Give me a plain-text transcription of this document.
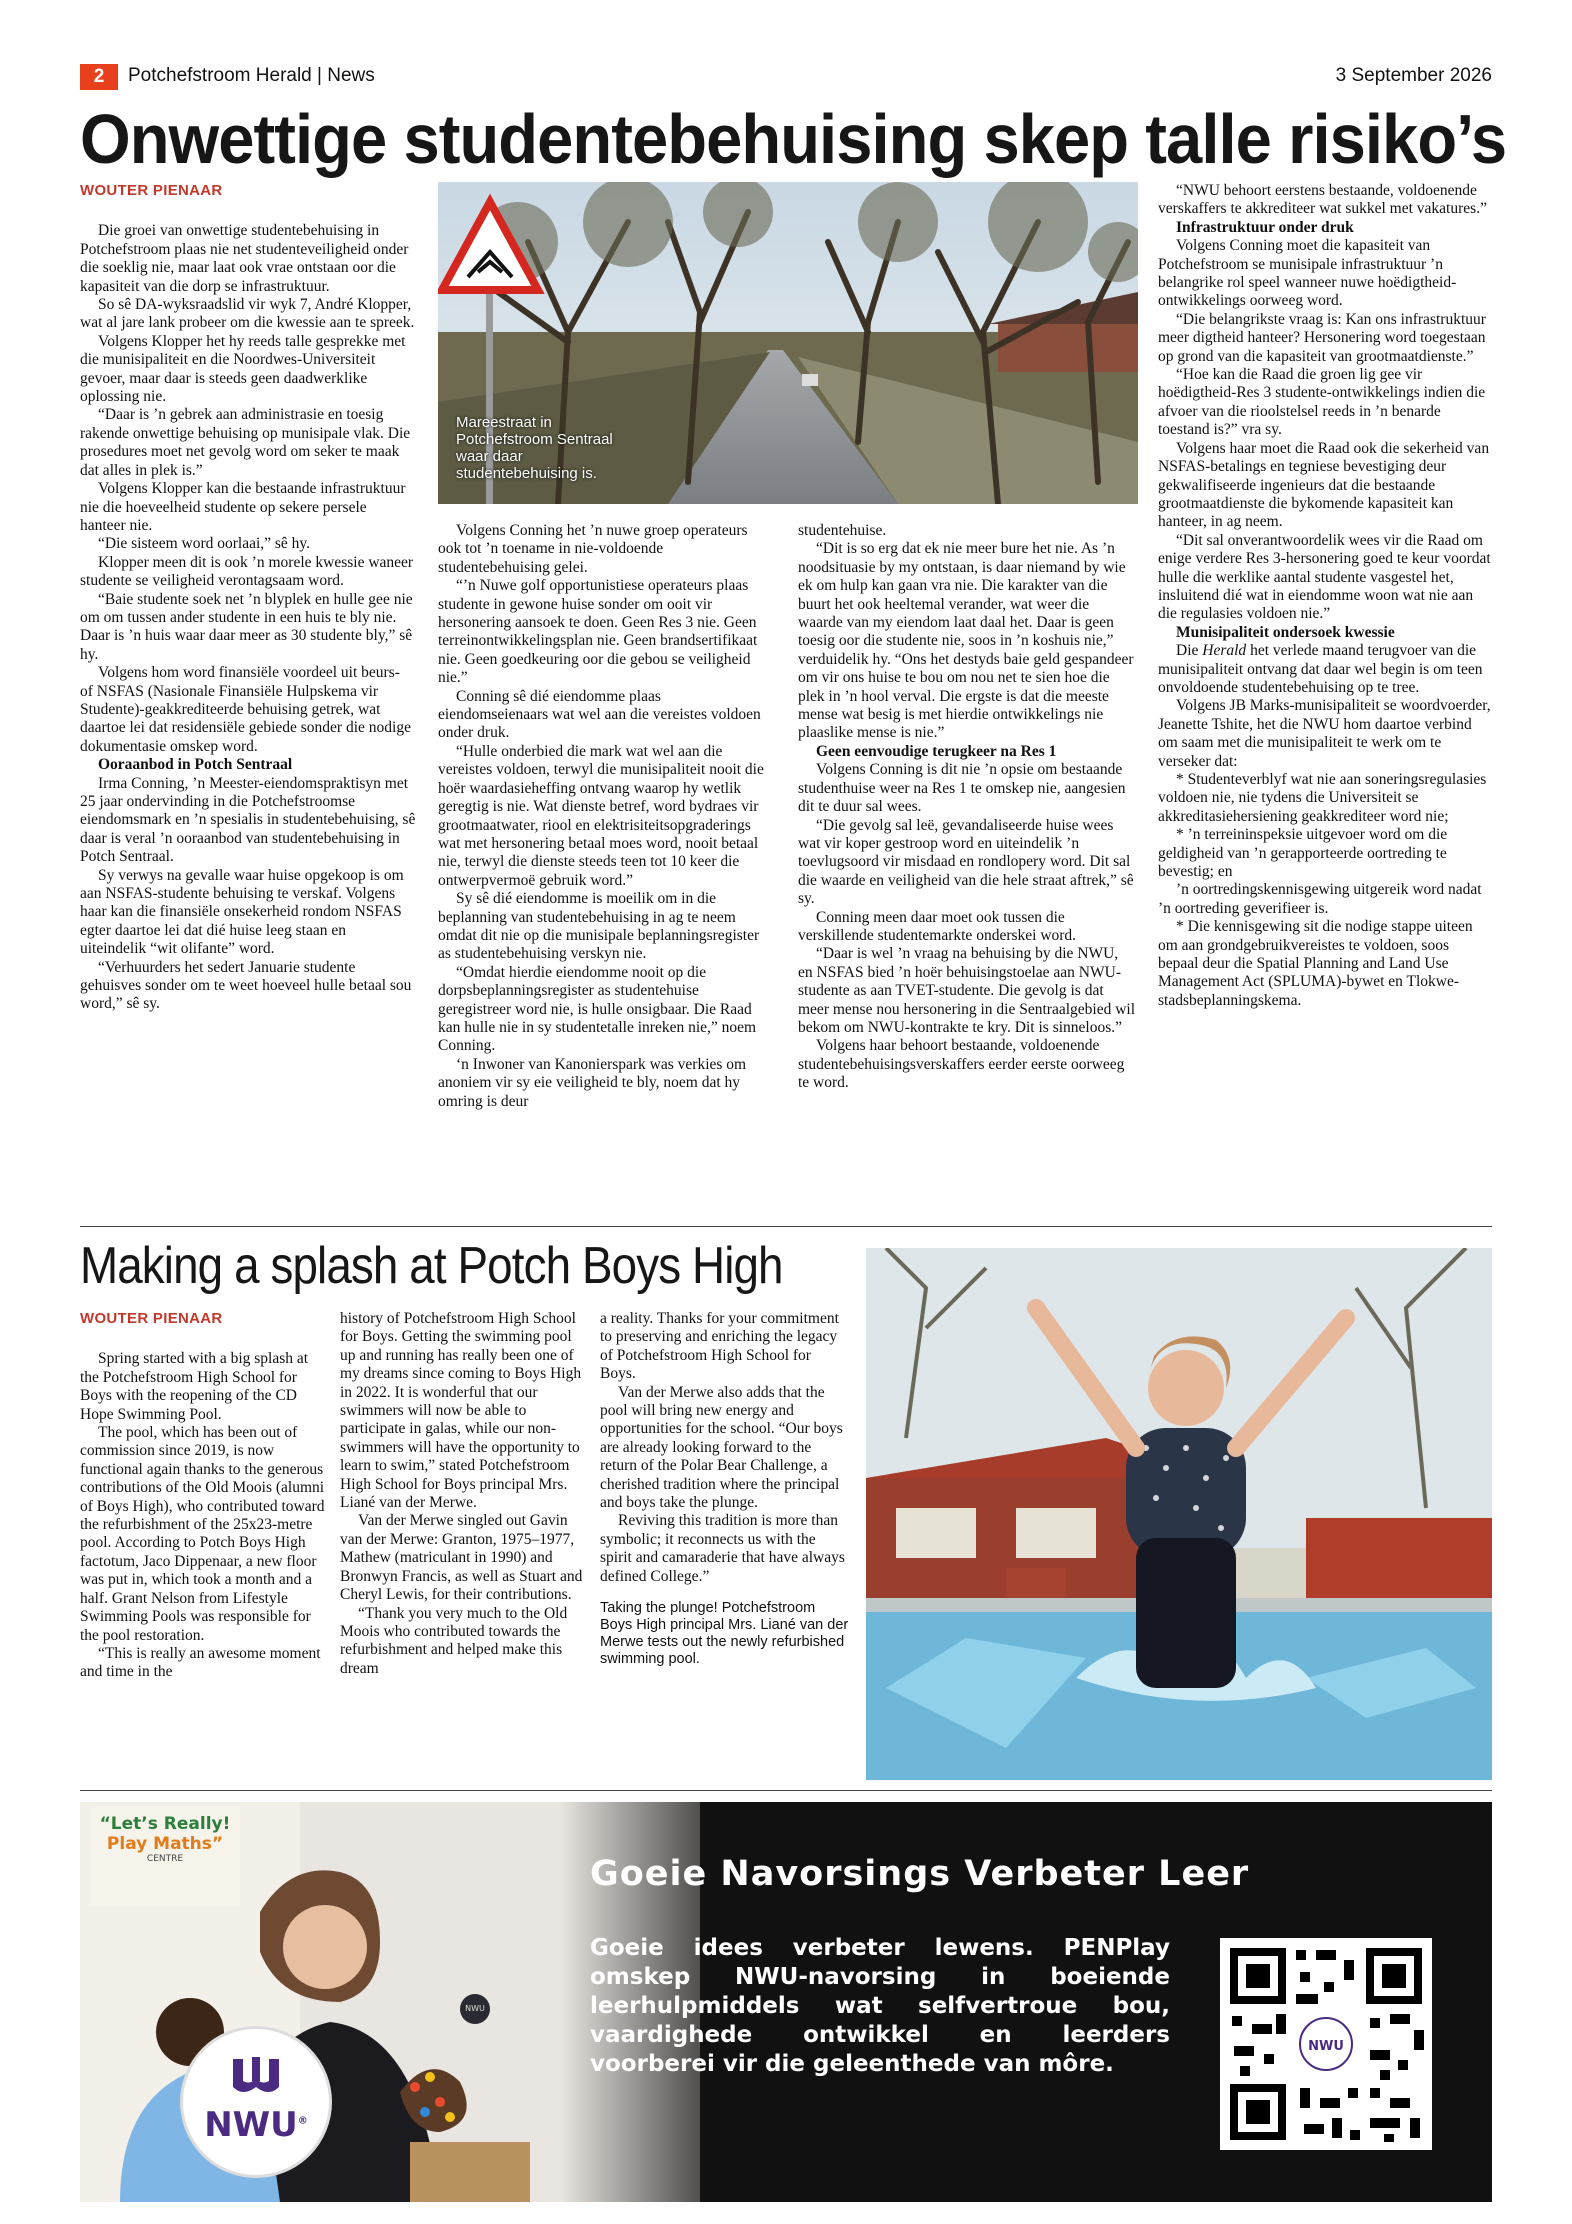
2	Potchefstroom Herald | News	3 September 2026
Onwettige studentebehuising skep talle risiko’s
WOUTER PIENAAR

Die groei van onwettige studentebehuising in Potchefstroom plaas nie net studenteveiligheid onder die soeklig nie, maar laat ook vrae ontstaan oor die kapasiteit van die dorp se infrastruktuur.

So sê DA-wyksraadslid vir wyk 7, André Klopper, wat al jare lank probeer om die kwessie aan te spreek.

Volgens Klopper het hy reeds talle gesprekke met die munisipaliteit en die Noordwes-Universiteit gevoer, maar daar is steeds geen daadwerklike oplossing nie.

“Daar is ’n gebrek aan administrasie en toesig rakende onwettige behuising op munisipale vlak. Die prosedures moet net gevolg word om seker te maak dat alles in plek is.”

Volgens Klopper kan die bestaande infrastruktuur nie die hoeveelheid studente op sekere persele hanteer nie.

“Die sisteem word oorlaai,” sê hy.

Klopper meen dit is ook ’n morele kwessie waneer studente se veiligheid verontagsaam word.

“Baie studente soek net ’n blyplek en hulle gee nie om om tussen ander studente in een huis te bly nie. Daar is ’n huis waar daar meer as 30 studente bly,” sê hy.

Volgens hom word finansiële voordeel uit beurs- of NSFAS (Nasionale Finansiële Hulpskema vir Studente)-geakkrediteerde behuising getrek, wat daartoe lei dat residensiële gebiede sonder die nodige dokumentasie omskep word.

Ooraanbod in Potch Sentraal

Irma Conning, ’n Meester-eiendomspraktisyn met 25 jaar ondervinding in die Potchefstroomse eiendomsmark en ’n spesialis in studentebehuising, sê daar is veral ’n ooraanbod van studentebehuising in Potch Sentraal.

Sy verwys na gevalle waar huise opgekoop is om aan NSFAS-studente behuising te verskaf. Volgens haar kan die finansiële onsekerheid rondom NSFAS egter daartoe lei dat dié huise leeg staan en uiteindelik “wit olifante” word.

“Verhuurders het sedert Januarie studente gehuisves sonder om te weet hoeveel hulle betaal sou word,” sê sy.

Mareestraat in Potchefstroom Sentraal waar daar studentebehuising is.

Volgens Conning het ’n nuwe groep operateurs ook tot ’n toename in nie-voldoende studentebehuising gelei.

“’n Nuwe golf opportunistiese operateurs plaas studente in gewone huise sonder om ooit vir hersonering aansoek te doen. Geen Res 3 nie. Geen terreinontwikkelingsplan nie. Geen brandsertifikaat nie. Geen goedkeuring oor die gebou se veiligheid nie.”

Conning sê dié eiendomme plaas eiendomseienaars wat wel aan die vereistes voldoen onder druk.

“Hulle onderbied die mark wat wel aan die vereistes voldoen, terwyl die munisipaliteit nooit die hoër waardasieheffing ontvang waarop hy wetlik geregtig is nie. Wat dienste betref, word bydraes vir grootmaatwater, riool en elektrisiteitsopgraderings wat met hersonering betaal moes word, nooit betaal nie, terwyl die dienste steeds teen tot 10 keer die ontwerpvermoë gebruik word.”

Sy sê dié eiendomme is moeilik om in die beplanning van studentebehuising in ag te neem omdat dit nie op die munisipale beplanningsregister as studentebehuising verskyn nie.

“Omdat hierdie eiendomme nooit op die dorpsbeplanningsregister as studentehuise geregistreer word nie, is hulle onsigbaar. Die Raad kan hulle nie in sy studentetalle inreken nie,” noem Conning.

‘n Inwoner van Kanonierspark was verkies om anoniem vir sy eie veiligheid te bly, noem dat hy omring is deur

studentehuise.

“Dit is so erg dat ek nie meer bure het nie. As ’n noodsituasie by my ontstaan, is daar niemand by wie ek om hulp kan gaan vra nie. Die karakter van die buurt het ook heeltemal verander, wat weer die waarde van my eiendom laat daal het. Daar is geen toesig oor die studente nie, soos in ’n koshuis nie,” verduidelik hy. “Ons het destyds baie geld gespandeer om vir ons huise te bou om nou net te sien hoe die plek in ’n hool verval. Die ergste is dat die meeste mense wat besig is met hierdie ontwikkelings nie plaaslike mense is nie.”

Geen eenvoudige terugkeer na Res 1

Volgens Conning is dit nie ’n opsie om bestaande studenthuise weer na Res 1 te omskep nie, aangesien dit te duur sal wees.

“Die gevolg sal leë, gevandaliseerde huise wees wat vir koper gestroop word en uiteindelik ’n toevlugsoord vir misdaad en rondlopery word. Dit sal die waarde en veiligheid van die hele straat aftrek,” sê sy.

Conning meen daar moet ook tussen die verskillende studentemarkte onderskei word.

“Daar is wel ’n vraag na behuising by die NWU, en NSFAS bied ’n hoër behuisingstoelae aan NWU-studente as aan TVET-studente. Die gevolg is dat meer mense nou hersonering in die Sentraalgebied wil bekom om NWU-kontrakte te kry. Dit is sinneloos.”

Volgens haar behoort bestaande, voldoenende studentebehuisingsverskaffers eerder eerste oorweeg te word.

“NWU behoort eerstens bestaande, voldoenende verskaffers te akkrediteer wat sukkel met vakatures.”

Infrastruktuur onder druk

Volgens Conning moet die kapasiteit van Potchefstroom se munisipale infrastruktuur ’n belangrike rol speel wanneer nuwe hoëdigtheid-ontwikkelings oorweeg word.

“Die belangrikste vraag is: Kan ons infrastruktuur meer digtheid hanteer? Hersonering word toegestaan op grond van die kapasiteit van grootmaatdienste.”

“Hoe kan die Raad die groen lig gee vir hoëdigtheid-Res 3 studente-ontwikkelings indien die afvoer van die rioolstelsel reeds in ’n benarde toestand is?” vra sy.

Volgens haar moet die Raad ook die sekerheid van NSFAS-betalings en tegniese bevestiging deur gekwalifiseerde ingenieurs dat die bestaande grootmaatdienste die bykomende kapasiteit kan hanteer, in ag neem.

“Dit sal onverantwoordelik wees vir die Raad om enige verdere Res 3-hersonering goed te keur voordat hulle die werklike aantal studente vasgestel het, insluitend dié wat in eiendomme woon wat nie aan die regulasies voldoen nie.”

Munisipaliteit ondersoek kwessie

Die Herald het verlede maand terugvoer van die munisipaliteit ontvang dat daar wel begin is om teen onvoldoende studentebehuising op te tree.

Volgens JB Marks-munisipaliteit se woordvoerder, Jeanette Tshite, het die NWU hom daartoe verbind om saam met die munisipaliteit te werk om te verseker dat:

* Studenteverblyf wat nie aan soneringsregulasies voldoen nie, nie tydens die Universiteit se akkreditasiehersiening geakkrediteer word nie;

* ’n terreininspeksie uitgevoer word om die geldigheid van ’n gerapporteerde oortreding te bevestig; en

’n oortredingskennisgewing uitgereik word nadat ’n oortreding geverifieer is.

* Die kennisgewing sit die nodige stappe uiteen om aan grondgebruikvereistes te voldoen, soos bepaal deur die Spatial Planning and Land Use Management Act (SPLUMA)-bywet en Tlokwe-stadsbeplanningskema.

Making a splash at Potch Boys High
WOUTER PIENAAR

Spring started with a big splash at the Potchefstroom High School for Boys with the reopening of the CD Hope Swimming Pool.

The pool, which has been out of commission since 2019, is now functional again thanks to the generous contributions of the Old Moois (alumni of Boys High), who contributed toward the refurbishment of the 25x23-metre pool. According to Potch Boys High factotum, Jaco Dippenaar, a new floor was put in, which took a month and a half. Grant Nelson from Lifestyle Swimming Pools was responsible for the pool restoration.

“This is really an awesome moment and time in the

history of Potchefstroom High School for Boys. Getting the swimming pool up and running has really been one of my dreams since coming to Boys High in 2022. It is wonderful that our swimmers will now be able to participate in galas, while our non-swimmers will have the opportunity to learn to swim,” stated Potchefstroom High School for Boys principal Mrs. Liané van der Merwe.

Van der Merwe singled out Gavin van der Merwe: Granton, 1975–1977, Mathew (matriculant in 1990) and Bronwyn Francis, as well as Stuart and Cheryl Lewis, for their contributions.

“Thank you very much to the Old Moois who contributed towards the refurbishment and helped make this dream

a reality. Thanks for your commitment to preserving and enriching the legacy of Potchefstroom High School for Boys.

Van der Merwe also adds that the pool will bring new energy and opportunities for the school. “Our boys are already looking forward to the return of the Polar Bear Challenge, a cherished tradition where the principal and boys take the plunge.

Reviving this tradition is more than symbolic; it reconnects us with the spirit and camaraderie that have always defined College.”

Taking the plunge! Potchefstroom Boys High principal Mrs. Liané van der Merwe tests out the newly refurbished swimming pool.
“Let’s Really!
Play Maths”
CENTRE
NWU®
NWU
Goeie Navorsings Verbeter Leer
Goeie idees verbeter lewens. PENPlay omskep NWU-navorsing in boeiende leerhulpmiddels wat selfvertroue bou, vaardighede ontwikkel en leerders voorberei vir die geleenthede van môre.
NWU
